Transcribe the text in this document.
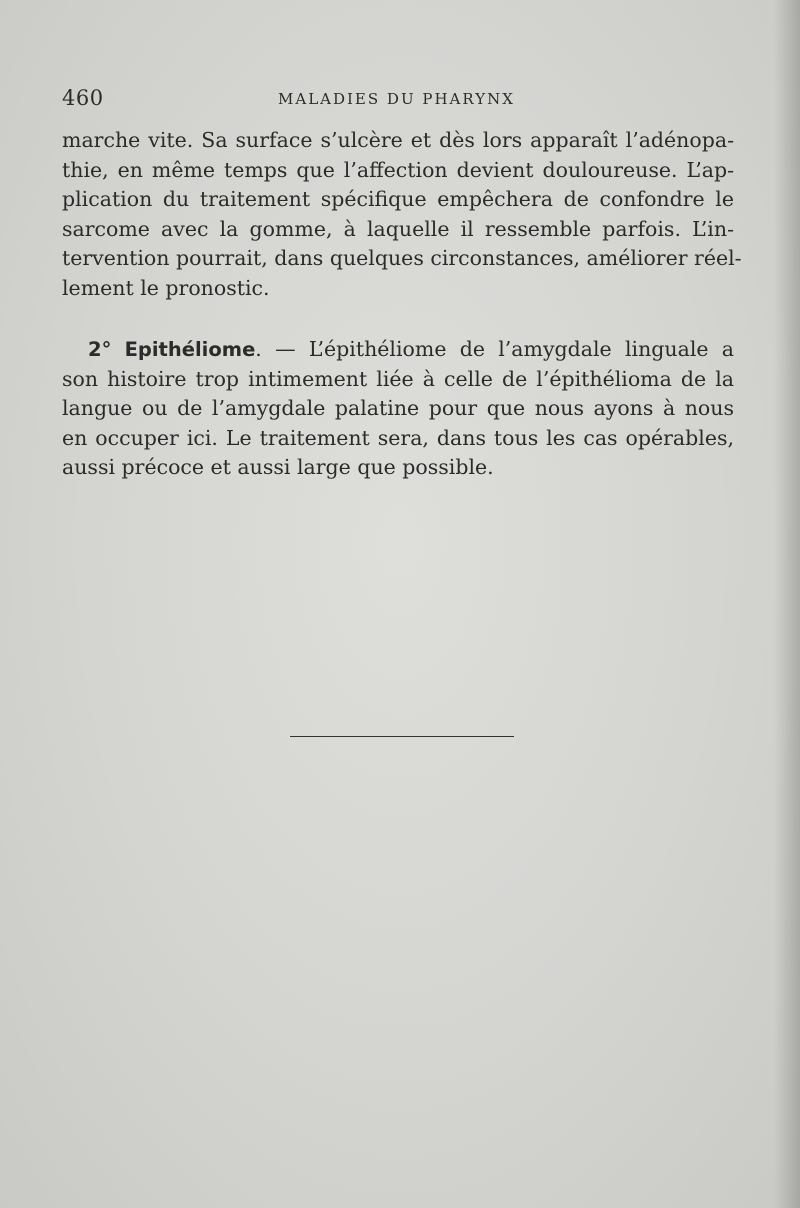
460	MALADIES DU PHARYNX
marche vite. Sa surface s’ulcère et dès lors apparaît l’adénopa-
thie, en même temps que l’affection devient douloureuse. L’ap-
plication du traitement spécifique empêchera de confondre le
sarcome avec la gomme, à laquelle il ressemble parfois. L’in-
tervention pourrait, dans quelques circonstances, améliorer réel-
lement le pronostic.
2° Epithéliome. — L’épithéliome de l’amygdale linguale a
son histoire trop intimement liée à celle de l’épithélioma de la
langue ou de l’amygdale palatine pour que nous ayons à nous
en occuper ici. Le traitement sera, dans tous les cas opérables,
aussi précoce et aussi large que possible.
